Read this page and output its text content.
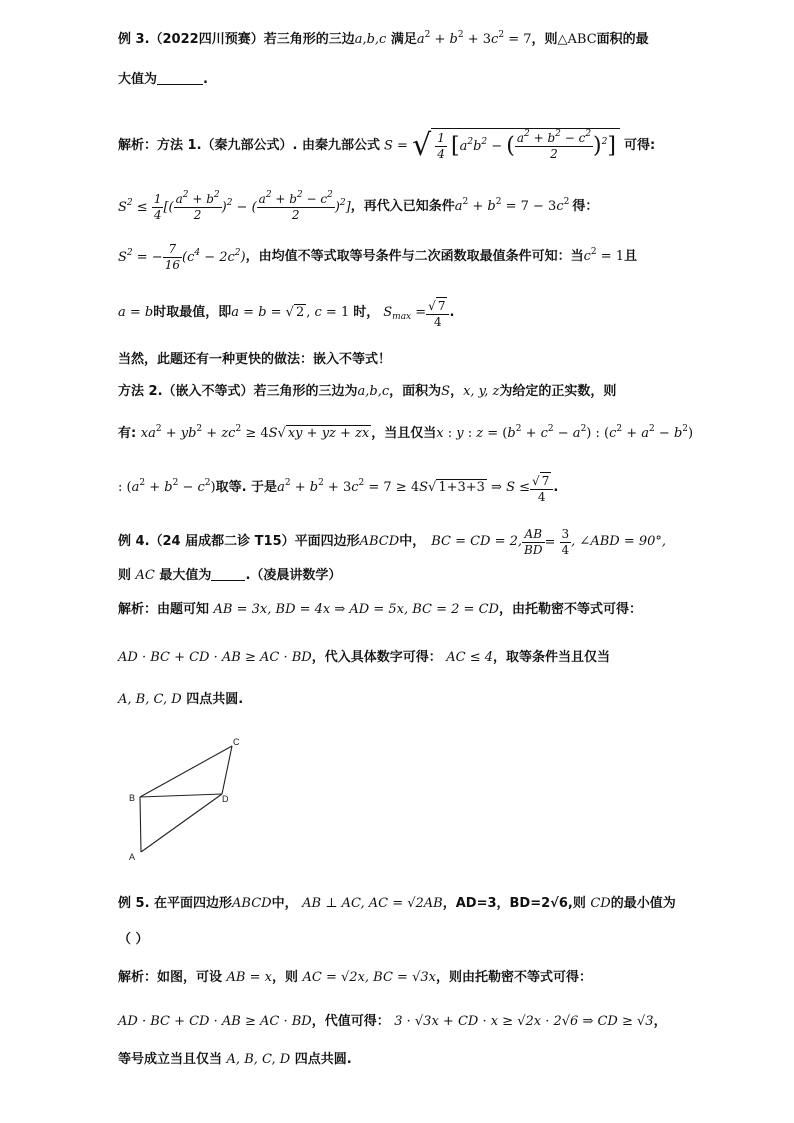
例 3.（2022四川预赛）若三角形的三边a,b,c 满足$a^2 + b^2 + 3c^2 = 7$，则△ABC面积的最
大值为	.
解析：方法 1.（秦九部公式）. 由秦九部公式 S = √ $\frac{1}{4} [a^2b^2$ − ( $\frac{a^2 + b^2 - c^2}{2} )^2$] 可得:
$S^2 \le \frac{1}{4}$ [( $\frac{a^2 + b^2}{2} )^2$ − ( $\frac{a^2 + b^2 - c^2}{2} )^2$] ，再代入已知条件 $a^2 + b^2 = 7 - 3c^2$ 得：
$S^2$ = − $\frac{7}{16} (c^4 - 2c^2)$ ，由均值不等式取等号条件与二次函数取最值条件可知：当 $c^2 = 1$ 且
a = b 时取最值，即 a = b = √ 2 , c = 1 时， $S_{max} = \frac{√ 7}{4}$ .
当然，此题还有一种更快的做法：嵌入不等式！
方法 2.（嵌入不等式）若三角形的三边为a,b,c，面积为S，x, y, z为给定的正实数，则
有: $xa^2 + yb^2 + zc^2 \ge 4S√$ xy + yz + zx ，当且仅当x : y : $z = (b^2 + c^2 - a^2)$ : $(c^2 + a^2 - b^2)$
: $(a^2 + b^2 - c^2)$ 取等. 于是 $a^2 + b^2 + 3c^2 = 7 \ge 4S√$ 1+3+3 ⇒ $S \le \frac{√ 7}{4}$ .
例 4.（24 届成都二诊 T15）平面四边形 ABCD 中， BC = CD = 2, $\frac{AB}{BD} = \frac{3}{4}$ , ∠ABD = 90°,
则 AC 最大值为	.（凌晨讲数学）
解析：由题可知 AB = 3x, BD = 4x ⇒ AD = 5x, BC = 2 = CD，由托勒密不等式可得：
AD · BC + CD · AB ≥ AC · BD，代入具体数字可得： AC ≤ 4，取等条件当且仅当
A, B, C, D 四点共圆.
C
B	D
A
例 5. 在平面四边形ABCD中， AB ⊥ AC, AC = √2AB，AD=3，BD=2√6,则 CD的最小值为
（ ）
解析：如图，可设 AB = x，则 AC = √2x, BC = √3x，则由托勒密不等式可得：
AD · BC + CD · AB ≥ AC · BD，代值可得： 3 · √3x + CD · x ≥ √2x · 2√6 ⇒ CD ≥ √3，
等号成立当且仅当 A, B, C, D 四点共圆.
